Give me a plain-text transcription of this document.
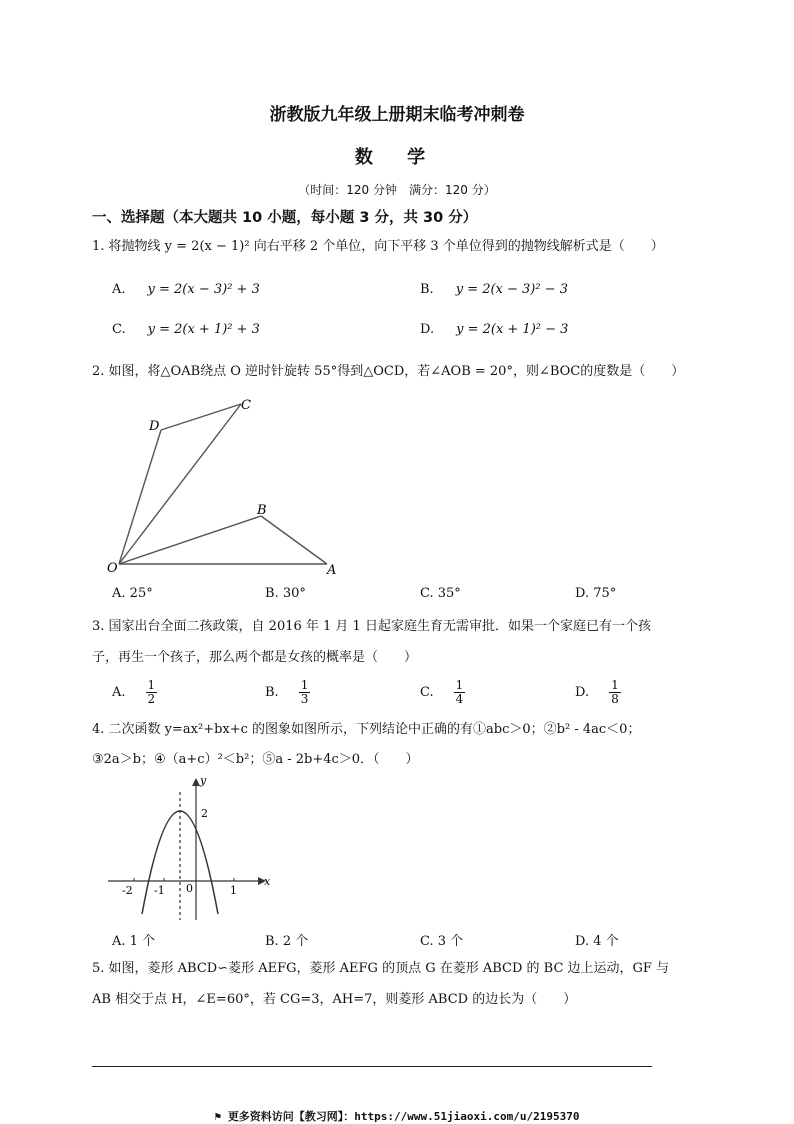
浙教版九年级上册期末临考冲刺卷
数 学
（时间：120 分钟　满分：120 分）
一、选择题（本大题共 10 小题，每小题 3 分，共 30 分）
1. 将抛物线 y = 2(x − 1)² 向右平移 2 个单位，向下平移 3 个单位得到的抛物线解析式是（　　）
A. y = 2(x − 3)² + 3	B. y = 2(x − 3)² − 3
C. y = 2(x + 1)² + 3	D. y = 2(x + 1)² − 3
2. 如图，将△OAB绕点 O 逆时针旋转 55°得到△OCD，若∠AOB = 20°，则∠BOC的度数是（　　）
O	A
B
C
D
A. 25°	B. 30°	C. 35°	D. 75°
3. 国家出台全面二孩政策，自 2016 年 1 月 1 日起家庭生育无需审批．如果一个家庭已有一个孩
子，再生一个孩子，那么两个都是女孩的概率是（　　）
A. $\frac{1}{2}$	B. $\frac{1}{3}$	C. $\frac{1}{4}$	D. $\frac{1}{8}$
4. 二次函数 y=ax²+bx+c 的图象如图所示，下列结论中正确的有①abc＞0；②b² - 4ac＜0；
③2a＞b；④（a+c）²＜b²；⑤a - 2b+4c＞0．（　　）
y
x
2
-2 -1 0	1
A. 1 个	B. 2 个	C. 3 个	D. 4 个
5. 如图，菱形 ABCD∽菱形 AEFG，菱形 AEFG 的顶点 G 在菱形 ABCD 的 BC 边上运动，GF 与
AB 相交于点 H，∠E=60°，若 CG=3，AH=7，则菱形 ABCD 的边长为（　　）
⚑ 更多资料访问【教习网】：https://www.51jiaoxi.com/u/2195370
